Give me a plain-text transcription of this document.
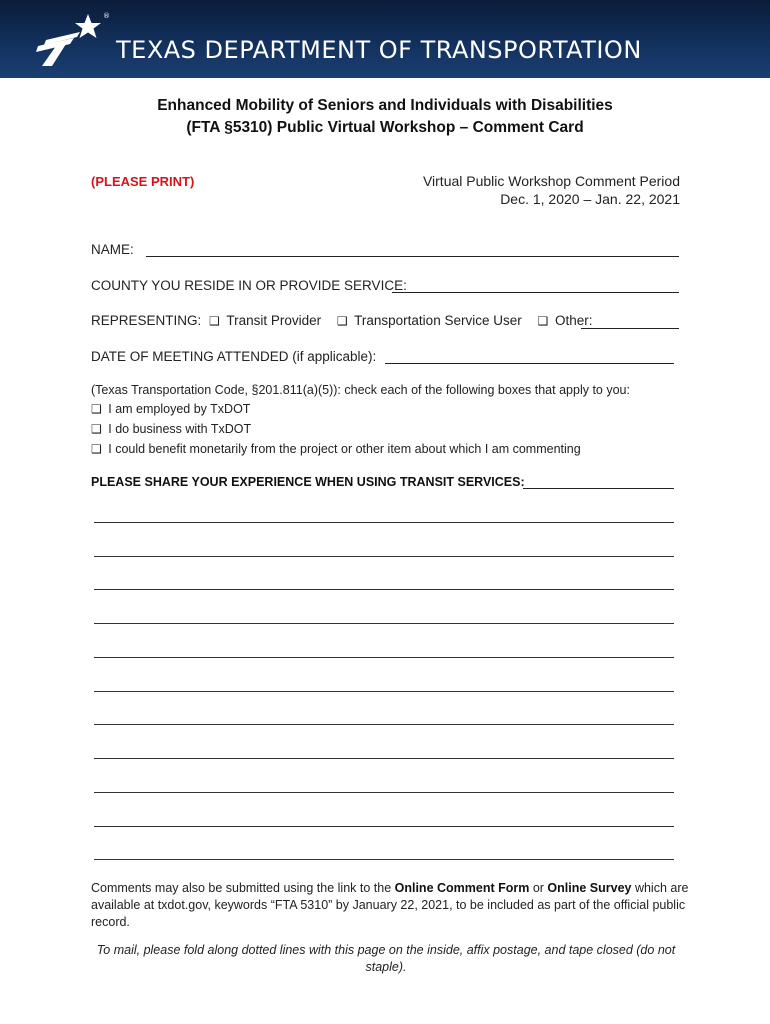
®
TEXAS DEPARTMENT OF TRANSPORTATION
Enhanced Mobility of Seniors and Individuals with Disabilities
(FTA §5310) Public Virtual Workshop – Comment Card
(PLEASE PRINT)	Virtual Public Workshop Comment Period
Dec. 1, 2020 – Jan. 22, 2021
NAME:
COUNTY YOU RESIDE IN OR PROVIDE SERVICE:
REPRESENTING: ❑ Transit Provider ❑ Transportation Service User ❑ Other:
DATE OF MEETING ATTENDED (if applicable):
(Texas Transportation Code, §201.811(a)(5)): check each of the following boxes that apply to you:
❑ I am employed by TxDOT
❑ I do business with TxDOT
❑ I could benefit monetarily from the project or other item about which I am commenting
PLEASE SHARE YOUR EXPERIENCE WHEN USING TRANSIT SERVICES:
Comments may also be submitted using the link to the Online Comment Form or Online Survey which are available at txdot.gov, keywords “FTA 5310” by January 22, 2021, to be included as part of the official public record.
To mail, please fold along dotted lines with this page on the inside, affix postage, and tape closed (do not staple).
